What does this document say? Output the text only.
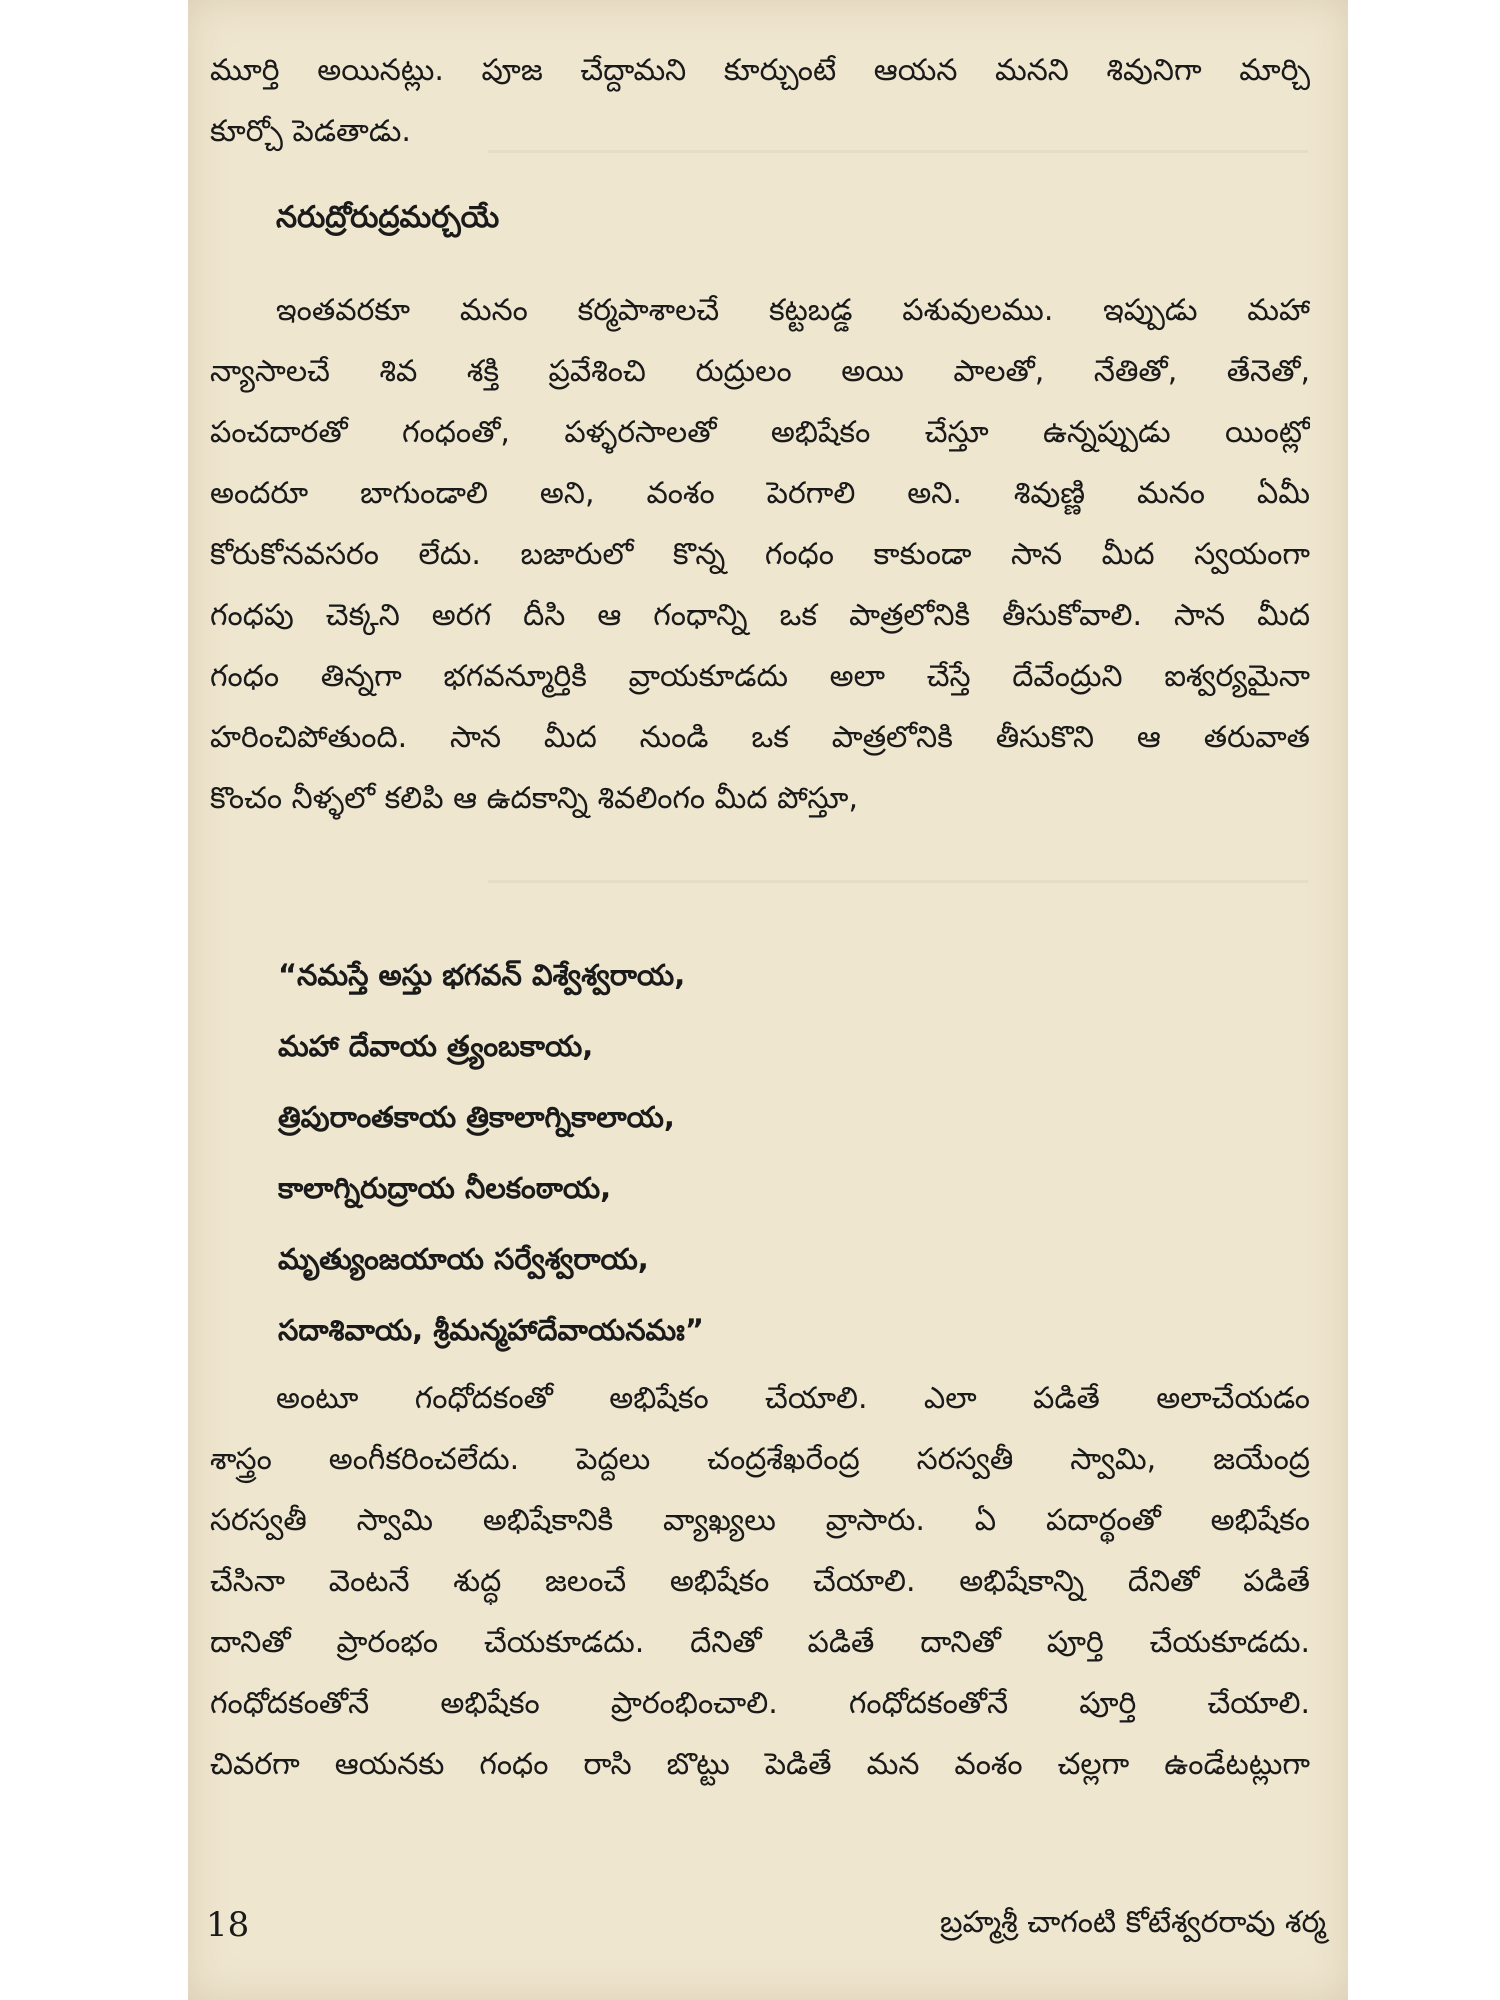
మూర్తి అయినట్లు. పూజ చేద్దామని కూర్చుంటే ఆయన మనని శివునిగా మార్చి
కూర్చో పెడతాడు.
నరుద్రోరుద్రమర్చయే
ఇంతవరకూ మనం కర్మపాశాలచే కట్టబడ్డ పశువులము. ఇప్పుడు మహా
న్యాసాలచే శివ శక్తి ప్రవేశించి రుద్రులం అయి పాలతో, నేతితో, తేనెతో,
పంచదారతో గంధంతో, పళ్ళరసాలతో అభిషేకం చేస్తూ ఉన్నప్పుడు యింట్లో
అందరూ బాగుండాలి అని, వంశం పెరగాలి అని. శివుణ్ణి మనం ఏమీ
కోరుకోనవసరం లేదు. బజారులో కొన్న గంధం కాకుండా సాన మీద స్వయంగా
గంధపు చెక్కని అరగ దీసి ఆ గంధాన్ని ఒక పాత్రలోనికి తీసుకోవాలి. సాన మీద
గంధం తిన్నగా భగవన్మూర్తికి వ్రాయకూడదు అలా చేస్తే దేవేంద్రుని ఐశ్వర్యమైనా
హరించిపోతుంది. సాన మీద నుండి ఒక పాత్రలోనికి తీసుకొని ఆ తరువాత
కొంచం నీళ్ళలో కలిపి ఆ ఉదకాన్ని శివలింగం మీద పోస్తూ,
“నమస్తే అస్తు భగవన్ విశ్వేశ్వరాయ,
మహా దేవాయ త్ర్యంబకాయ,
త్రిపురాంతకాయ త్రికాలాగ్నికాలాయ,
కాలాగ్నిరుద్రాయ నీలకంఠాయ,
మృత్యుంజయాయ సర్వేశ్వరాయ,
సదాశివాయ, శ్రీమన్మహాదేవాయనమః”
అంటూ గంధోదకంతో అభిషేకం చేయాలి. ఎలా పడితే అలాచేయడం
శాస్త్రం అంగీకరించలేదు. పెద్దలు చంద్రశేఖరేంద్ర సరస్వతీ స్వామి, జయేంద్ర
సరస్వతీ స్వామి అభిషేకానికి వ్యాఖ్యలు వ్రాసారు. ఏ పదార్థంతో అభిషేకం
చేసినా వెంటనే శుద్ధ జలంచే అభిషేకం చేయాలి. అభిషేకాన్ని దేనితో పడితే
దానితో ప్రారంభం చేయకూడదు. దేనితో పడితే దానితో పూర్తి చేయకూడదు.
గంధోదకంతోనే అభిషేకం ప్రారంభించాలి. గంధోదకంతోనే పూర్తి చేయాలి.
చివరగా ఆయనకు గంధం రాసి బొట్టు పెడితే మన వంశం చల్లగా ఉండేటట్లుగా
18	బ్రహ్మశ్రీ చాగంటి కోటేశ్వరరావు శర్మ
